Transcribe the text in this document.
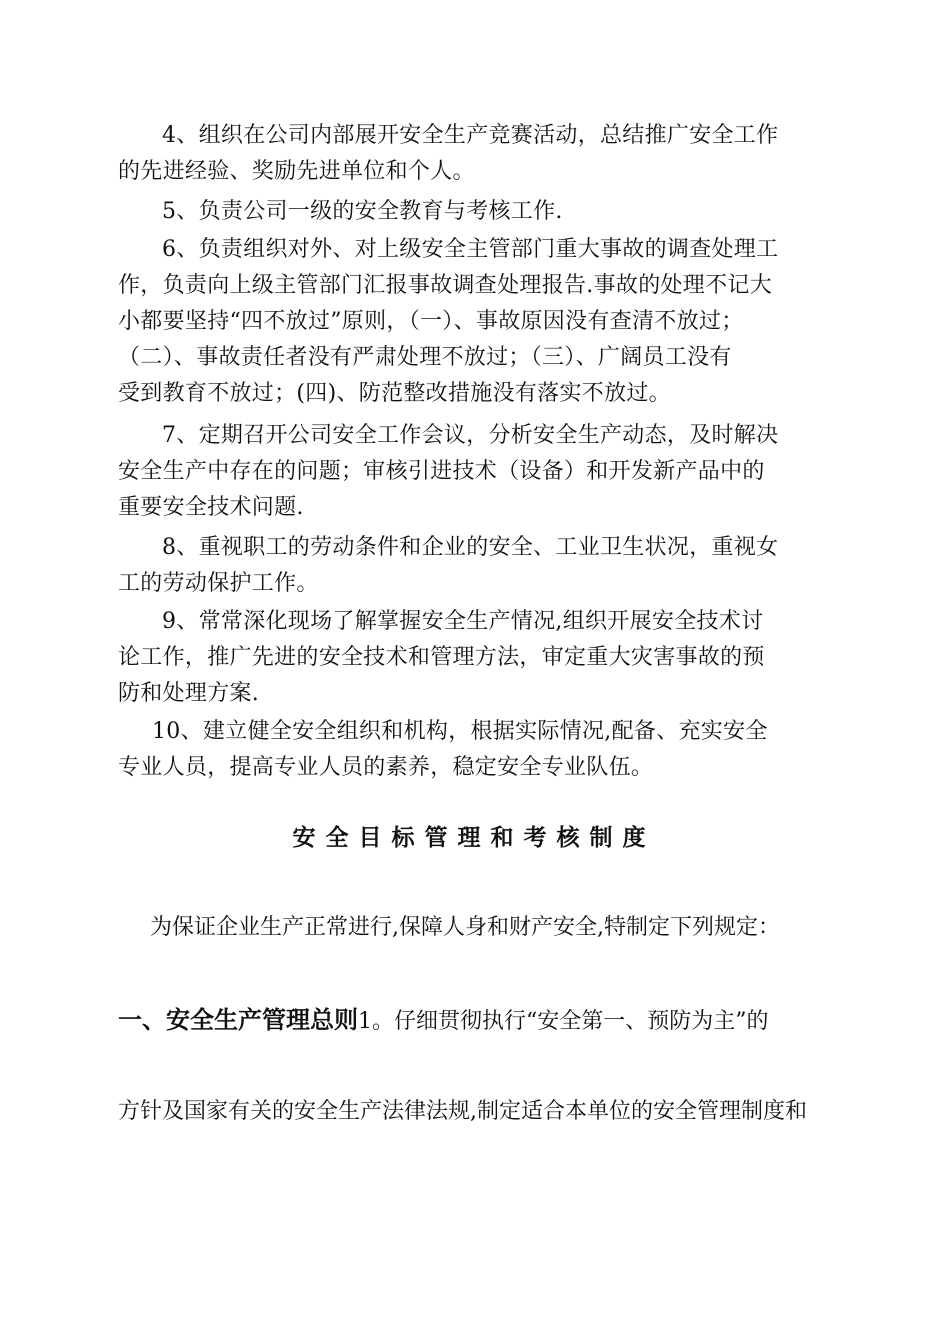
4、组织在公司内部展开安全生产竞赛活动，总结推广安全工作
的先进经验、奖励先进单位和个人。
5、负责公司一级的安全教育与考核工作.
6、负责组织对外、对上级安全主管部门重大事故的调查处理工
作，负责向上级主管部门汇报事故调查处理报告.事故的处理不记大
小都要坚持“四不放过”原则，（一）、事故原因没有查清不放过；
（二）、事故责任者没有严肃处理不放过；（三）、广阔员工没有
受到教育不放过；(四)、防范整改措施没有落实不放过。
7、定期召开公司安全工作会议，分析安全生产动态，及时解决
安全生产中存在的问题；审核引进技术（设备）和开发新产品中的
重要安全技术问题.
8、重视职工的劳动条件和企业的安全、工业卫生状况，重视女
工的劳动保护工作。
9、常常深化现场了解掌握安全生产情况,组织开展安全技术讨
论工作，推广先进的安全技术和管理方法，审定重大灾害事故的预
防和处理方案.
10、建立健全安全组织和机构，根据实际情况,配备、充实安全
专业人员，提高专业人员的素养，稳定安全专业队伍。
安全目标管理和考核制度
为保证企业生产正常进行,保障人身和财产安全,特制定下列规定：
一、安全生产管理总则1。仔细贯彻执行“安全第一、预防为主”的
方针及国家有关的安全生产法律法规,制定适合本单位的安全管理制度和
